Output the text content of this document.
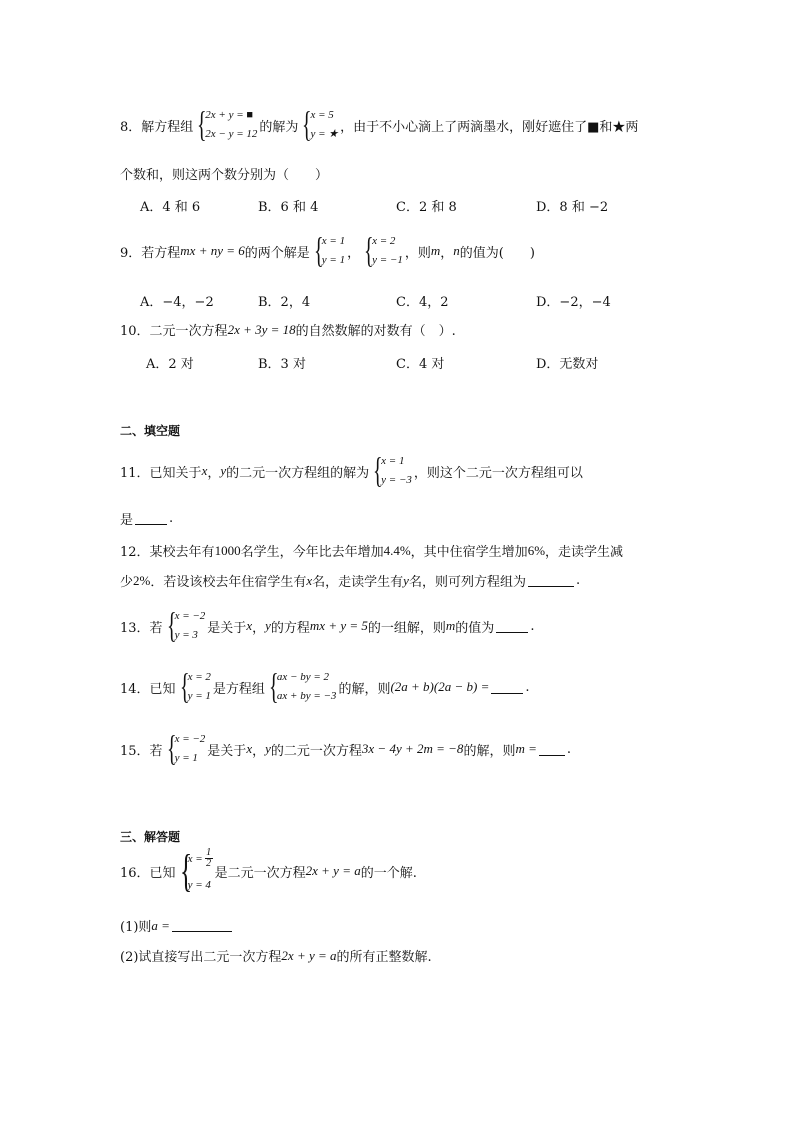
8． 解方程组 {
2x + y = ■
2x − y = 12 的解为 {
x = 5
y = ★ ，由于不小心滴上了两滴墨水，刚好遮住了■和★两
个数和，则这两个数分别为（　　）
A．4 和 6	B．6 和 4	C．2 和 8	D．8 和 −2
9． 若方程 mx + ny = 6 的两个解是 {
x = 1
y = 1 ， {
x = 2
y = −1 ，则 m ， n 的值为(　　)
A．−4，−2	B．2，4	C．4，2	D．−2，−4
10． 二元一次方程 2x + 3y = 18 的自然数解的对数有（　）.
A．2 对	B．3 对	C．4 对	D．无数对
二、填空题
11． 已知关于 x ， y 的二元一次方程组的解为 {
x = 1
y = −3 ，则这个二元一次方程组可以
是	.
12． 某校去年有 1000 名学生，今年比去年增加 4.4% ，其中住宿学生增加 6% ，走读学生减
少 2% ．若设该校去年住宿学生有 x 名，走读学生有 y 名，则可列方程组为	.
13． 若 {
x = −2
y = 3 是关于 x ， y 的方程 mx + y = 5 的一组解，则 m 的值为	.
14． 已知 {
x = 2
y = 1 是方程组 {
ax − by = 2
ax + by = −3 的解，则 (2a + b)(2a − b) =	.
15． 若 {
x = −2
y = 1 是关于 x ， y 的二元一次方程 3x − 4y + 2m = −8 的解，则 m = .
三、解答题
16． 已知 {
$x = \frac{1}{2}$
y = 4
是二元一次方程 2x + y = a 的一个解.
(1)则 a =
(2)试直接写出二元一次方程 2x + y = a 的所有正整数解.
